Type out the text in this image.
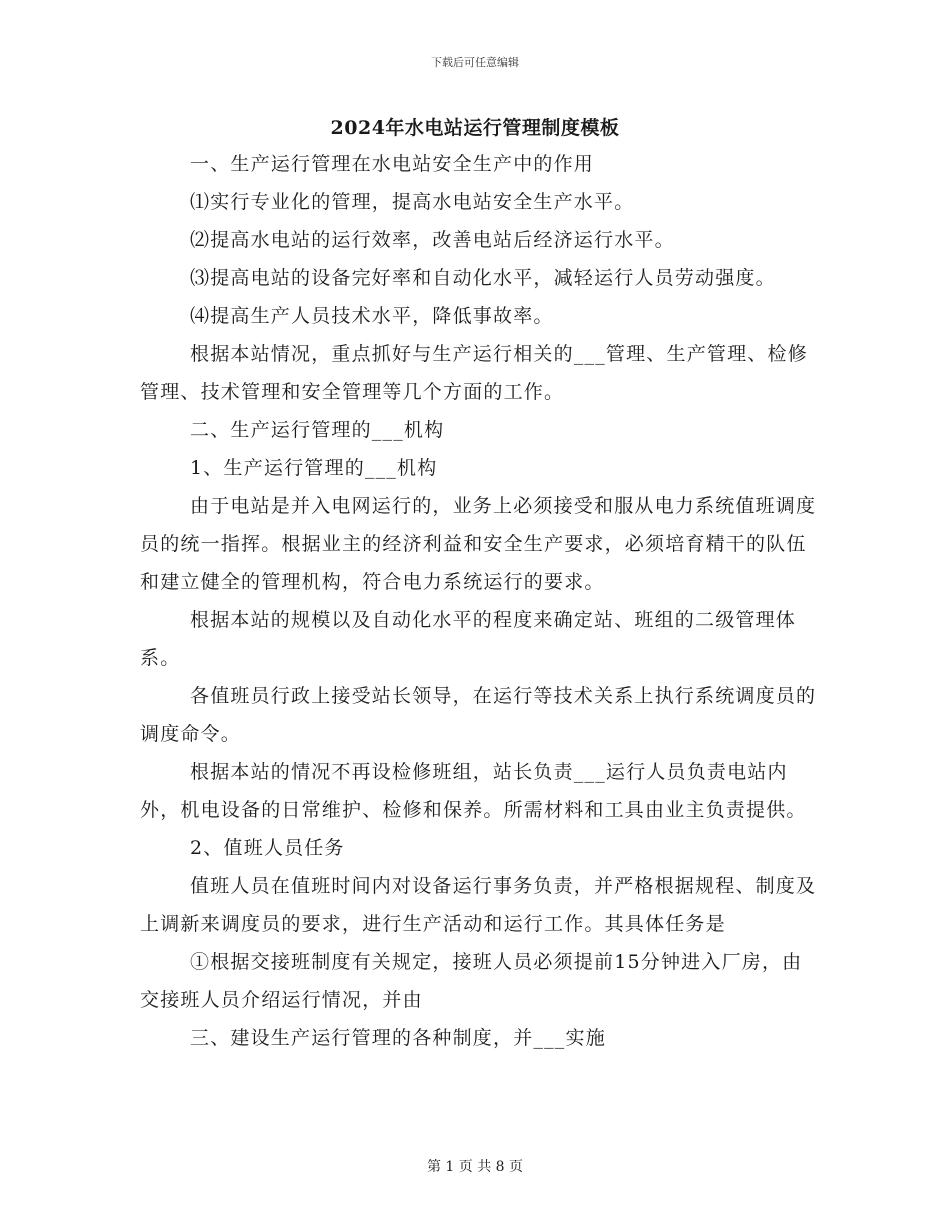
下载后可任意编辑
2024年水电站运行管理制度模板

一、生产运行管理在水电站安全生产中的作用

⑴实行专业化的管理，提高水电站安全生产水平。

⑵提高水电站的运行效率，改善电站后经济运行水平。

⑶提高电站的设备完好率和自动化水平，减轻运行人员劳动强度。

⑷提高生产人员技术水平，降低事故率。

根据本站情况，重点抓好与生产运行相关的___管理、生产管理、检修管理、技术管理和安全管理等几个方面的工作。

二、生产运行管理的___机构

1、生产运行管理的___机构

由于电站是并入电网运行的，业务上必须接受和服从电力系统值班调度员的统一指挥。根据业主的经济利益和安全生产要求，必须培育精干的队伍和建立健全的管理机构，符合电力系统运行的要求。

根据本站的规模以及自动化水平的程度来确定站、班组的二级管理体系。

各值班员行政上接受站长领导，在运行等技术关系上执行系统调度员的调度命令。

根据本站的情况不再设检修班组，站长负责___运行人员负责电站内外，机电设备的日常维护、检修和保养。所需材料和工具由业主负责提供。

2、值班人员任务

值班人员在值班时间内对设备运行事务负责，并严格根据规程、制度及上调新来调度员的要求，进行生产活动和运行工作。其具体任务是

①根据交接班制度有关规定，接班人员必须提前15分钟进入厂房，由交接班人员介绍运行情况，并由

三、建设生产运行管理的各种制度，并___实施

第 1 页 共 8 页
